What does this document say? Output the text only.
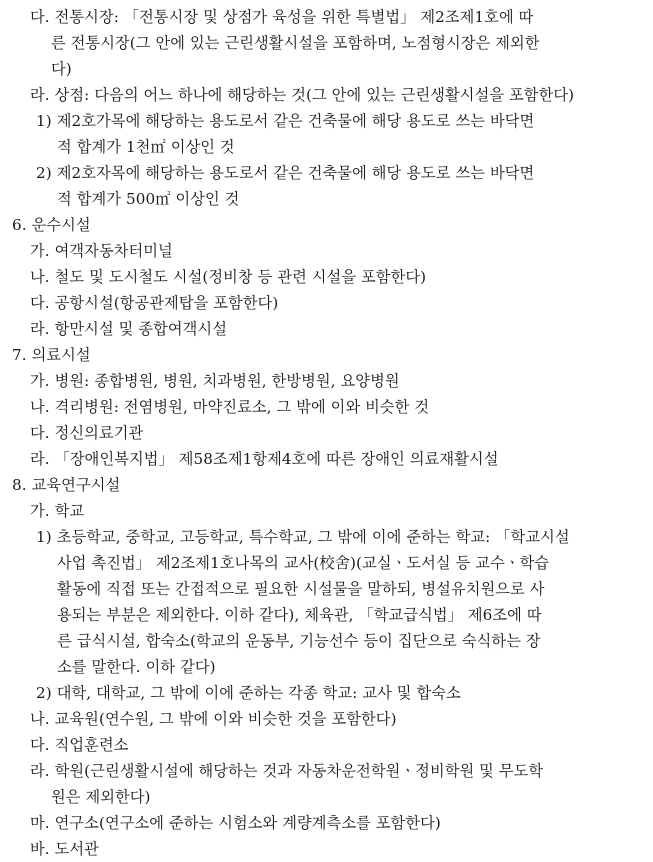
다. 전통시장: 「전통시장 및 상점가 육성을 위한 특별법」 제2조제1호에 따
른 전통시장(그 안에 있는 근린생활시설을 포함하며, 노점형시장은 제외한
다)
라. 상점: 다음의 어느 하나에 해당하는 것(그 안에 있는 근린생활시설을 포함한다)
1) 제2호가목에 해당하는 용도로서 같은 건축물에 해당 용도로 쓰는 바닥면
적 합계가 1천㎡ 이상인 것
2) 제2호자목에 해당하는 용도로서 같은 건축물에 해당 용도로 쓰는 바닥면
적 합계가 500㎡ 이상인 것
6. 운수시설
가. 여객자동차터미널
나. 철도 및 도시철도 시설(정비창 등 관련 시설을 포함한다)
다. 공항시설(항공관제탑을 포함한다)
라. 항만시설 및 종합여객시설
7. 의료시설
가. 병원: 종합병원, 병원, 치과병원, 한방병원, 요양병원
나. 격리병원: 전염병원, 마약진료소, 그 밖에 이와 비슷한 것
다. 정신의료기관
라. 「장애인복지법」 제58조제1항제4호에 따른 장애인 의료재활시설
8. 교육연구시설
가. 학교
1) 초등학교, 중학교, 고등학교, 특수학교, 그 밖에 이에 준하는 학교: 「학교시설
사업 촉진법」 제2조제1호나목의 교사(校舍)(교실ㆍ도서실 등 교수ㆍ학습
활동에 직접 또는 간접적으로 필요한 시설물을 말하되, 병설유치원으로 사
용되는 부분은 제외한다. 이하 같다), 체육관, 「학교급식법」 제6조에 따
른 급식시설, 합숙소(학교의 운동부, 기능선수 등이 집단으로 숙식하는 장
소를 말한다. 이하 같다)
2) 대학, 대학교, 그 밖에 이에 준하는 각종 학교: 교사 및 합숙소
나. 교육원(연수원, 그 밖에 이와 비슷한 것을 포함한다)
다. 직업훈련소
라. 학원(근린생활시설에 해당하는 것과 자동차운전학원ㆍ정비학원 및 무도학
원은 제외한다)
마. 연구소(연구소에 준하는 시험소와 계량계측소를 포함한다)
바. 도서관
